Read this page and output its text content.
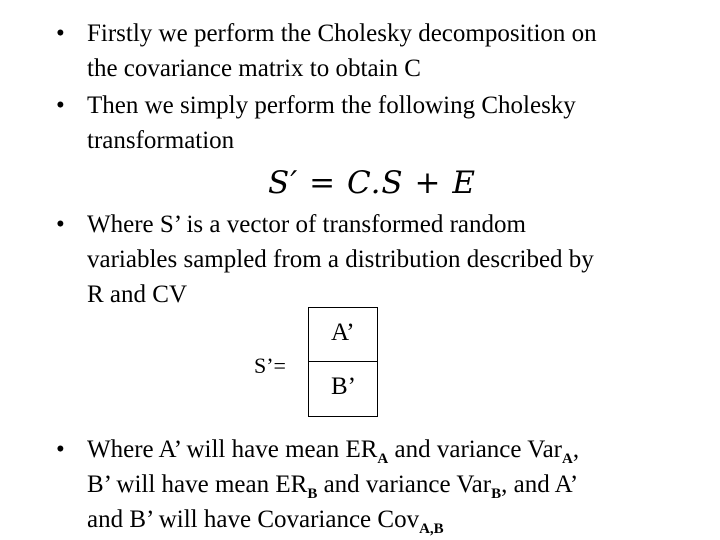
• Firstly we perform the Cholesky decomposition on
the covariance matrix to obtain C
• Then we simply perform the following Cholesky
transformation
S′ = C.S + E
• Where S’ is a vector of transformed random
variables sampled from a distribution described by
R and CV
S’=
A’
B’
• Where A’ will have mean $ER_A$ and variance Var$_A$,
B’ will have mean $ER_B$ and variance Var$_B$, and A’
and B’ will have Covariance Cov$_{A,B}$
